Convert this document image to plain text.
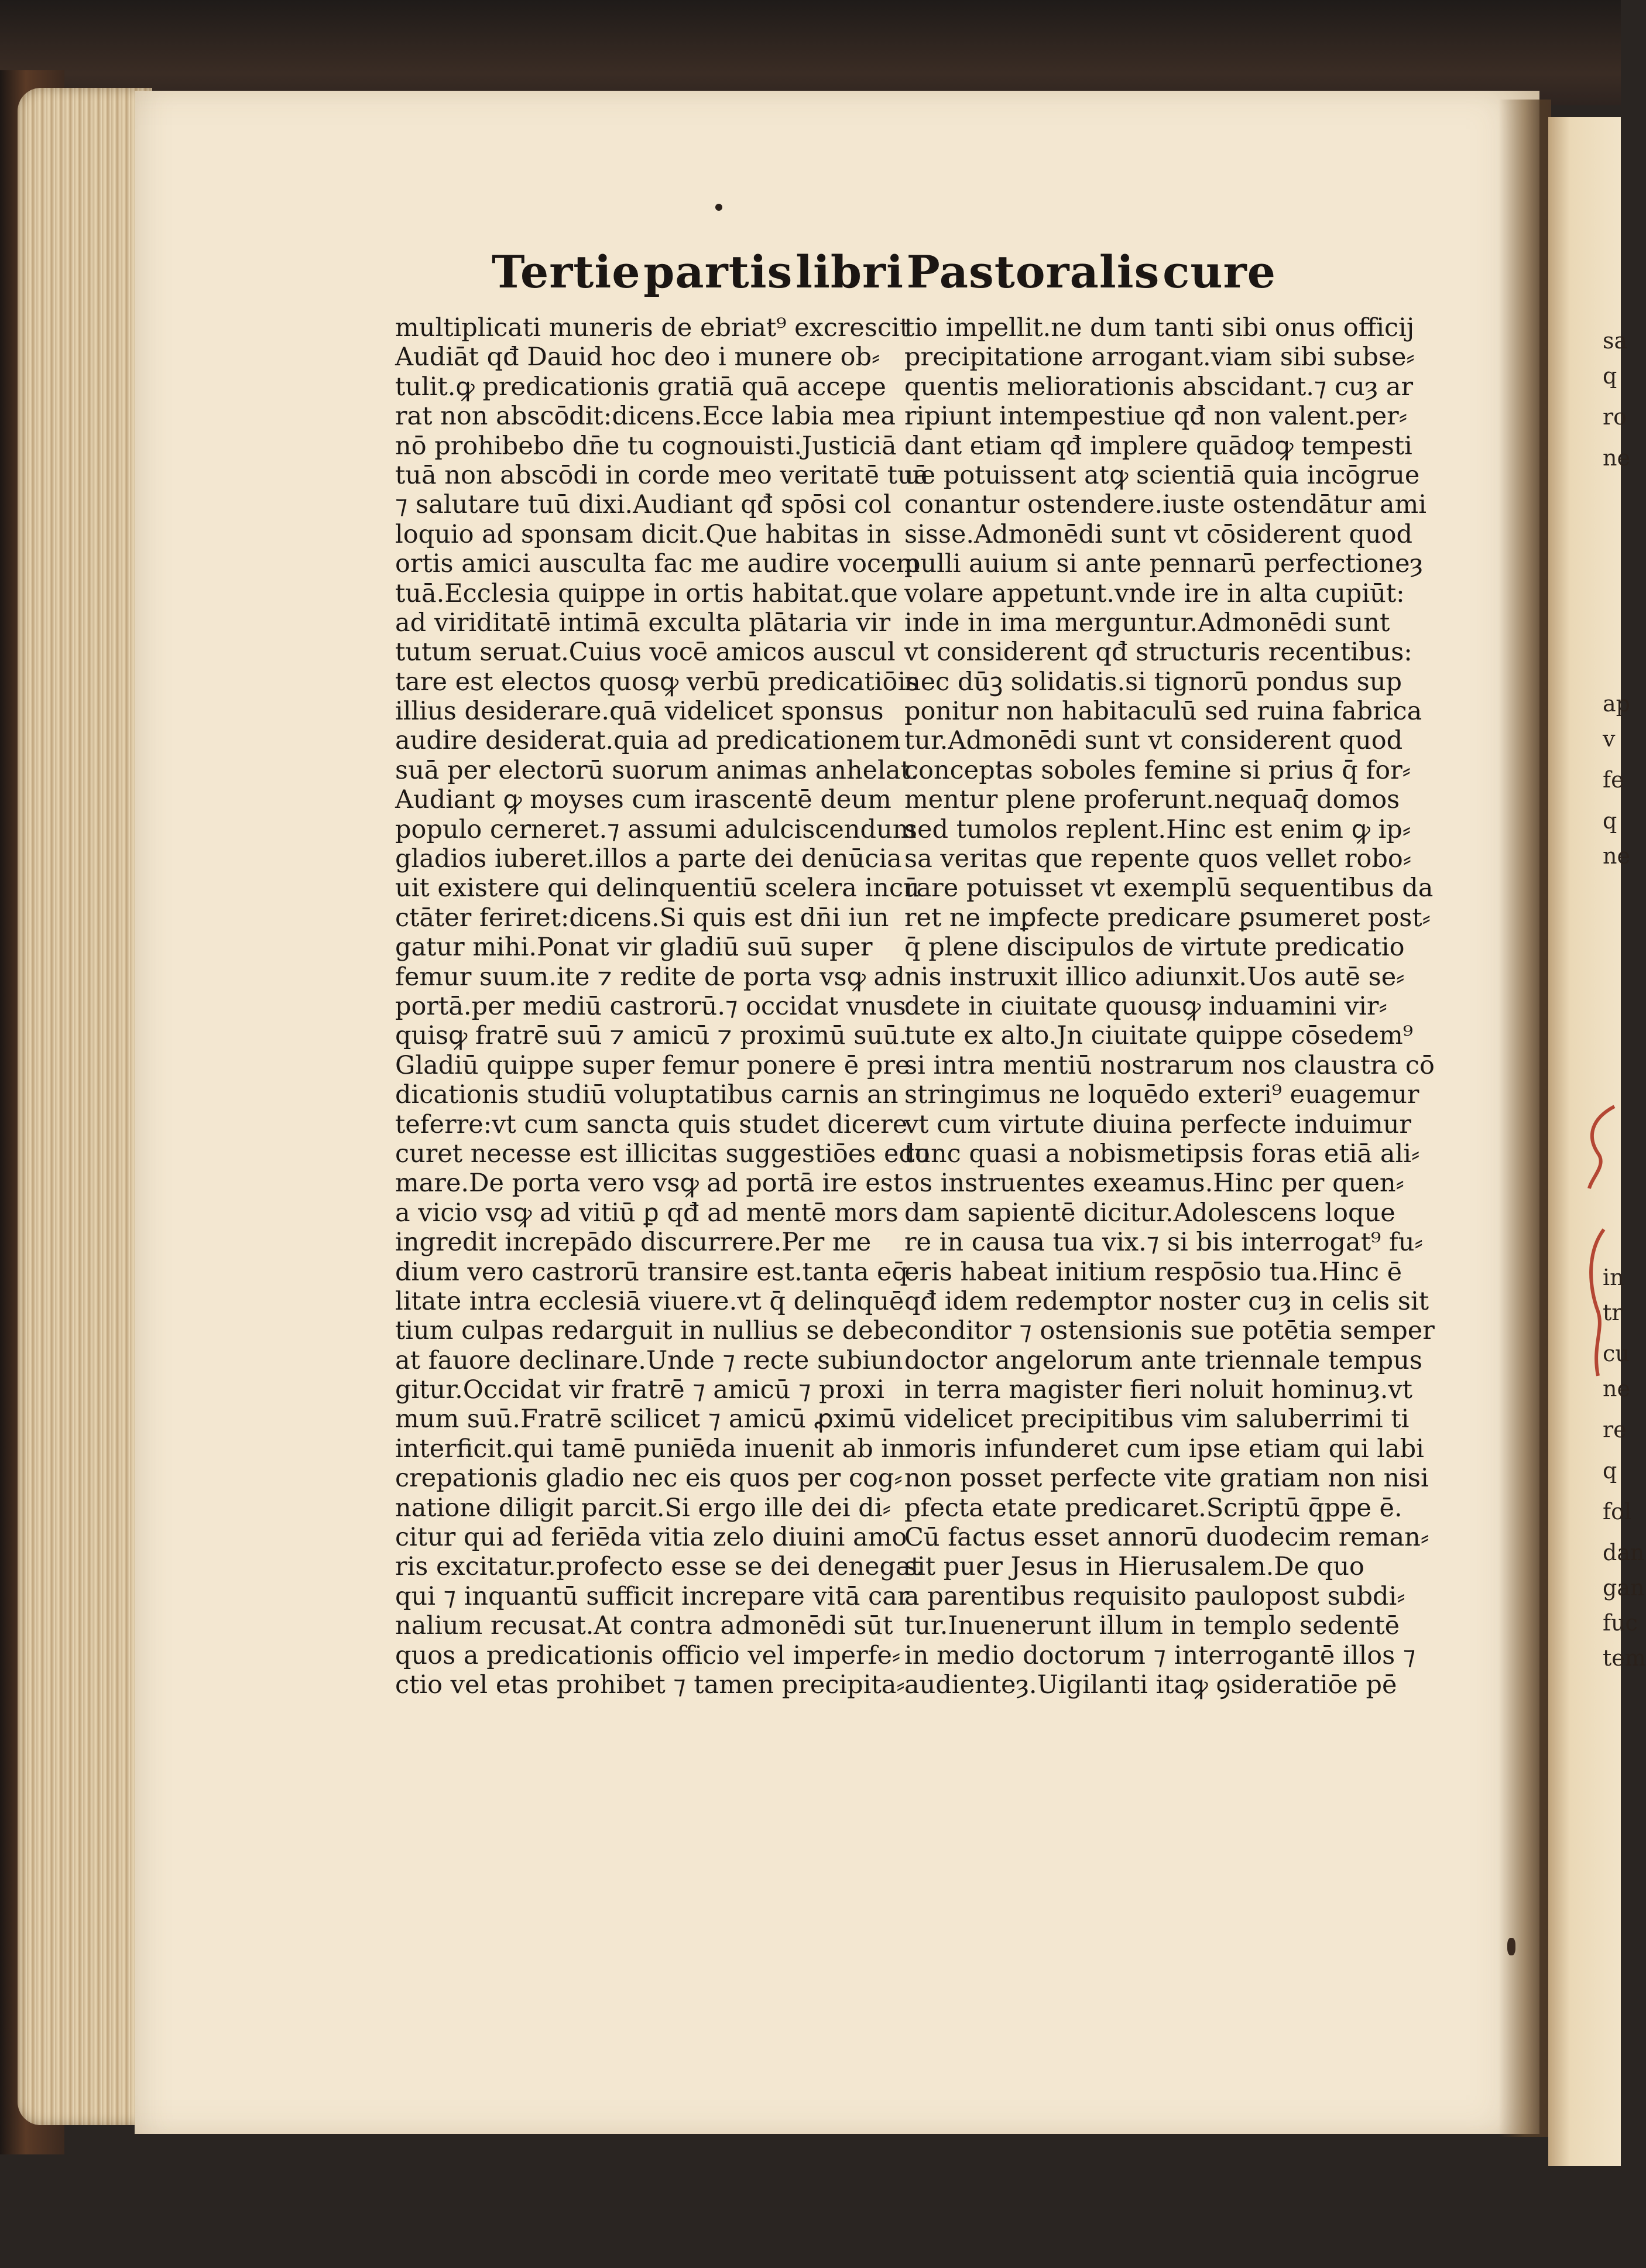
sa
q
ro
ne
ap
v
fe
q
ne
in
tr
cu
ne
re
q
fol
dan
gan
fuc
tem
Tertie partis libri Pastoralis cure
multiplicati muneris de ebriat⁹ excrescit
Audiāt qđ Dauid hoc deo i munere ob⸗
tulit.ꝙ predicationis gratiā quā accepe
rat non abscōdit:dicens.Ecce labia mea
nō prohibebo dn̄e tu cognouisti.Justiciā
tuā non abscōdi in corde meo veritatē tuā
⁊ salutare tuū dixi.Audiant qđ spōsi col
loquio ad sponsam dicit.Que habitas in
ortis amici ausculta fac me audire vocem
tuā.Ecclesia quippe in ortis habitat.que
ad viriditatē intimā exculta plātaria vir
tutum seruat.Cuius vocē amicos auscul
tare est electos quosꝙ verbū predicatiōis
illius desiderare.quā videlicet sponsus
audire desiderat.quia ad predicationem
suā per electorū suorum animas anhelat.
Audiant ꝙ moyses cum irascentē deum
populo cerneret.⁊ assumi adulciscendum
gladios iuberet.illos a parte dei denūcia
uit existere qui delinquentiū scelera incū
ctāter feriret:dicens.Si quis est dn̄i iun
gatur mihi.Ponat vir gladiū suū super
femur suum.ite ⁊ redite de porta vsꝙ ad
portā.per mediū castrorū.⁊ occidat vnus
quisꝙ fratrē suū ⁊ amicū ⁊ proximū suū.
Gladiū quippe super femur ponere ē pre
dicationis studiū voluptatibus carnis an
teferre:vt cum sancta quis studet dicere
curet necesse est illicitas suggestiōes edo
mare.De porta vero vsꝙ ad portā ire est
a vicio vsꝙ ad vitiū ꝑ qđ ad mentē mors
ingredit increpādo discurrere.Per me
dium vero castrorū transire est.tanta eq̄
litate intra ecclesiā viuere.vt q̄ delinquē
tium culpas redarguit in nullius se debe
at fauore declinare.Unde ⁊ recte subiun
gitur.Occidat vir fratrē ⁊ amicū ⁊ proxi
mum suū.Fratrē scilicet ⁊ amicū ꝓximū
interficit.qui tamē puniēda inuenit ab in
crepationis gladio nec eis quos per cog⸗
natione diligit parcit.Si ergo ille dei di⸗
citur qui ad feriēda vitia zelo diuini amo
ris excitatur.profecto esse se dei denegat
qui ⁊ inquantū sufficit increpare vitā car
nalium recusat.At contra admonēdi sūt
quos a predicationis officio vel imperfe⸗
ctio vel etas prohibet ⁊ tamen precipita⸗
tio impellit.ne dum tanti sibi onus officij
precipitatione arrogant.viam sibi subse⸗
quentis meliorationis abscidant.⁊ cuȝ ar
ripiunt intempestiue qđ non valent.per⸗
dant etiam qđ implere quādoꝙ tempesti
ue potuissent atꝙ scientiā quia incōgrue
conantur ostendere.iuste ostendātur ami
sisse.Admonēdi sunt vt cōsiderent quod
pulli auium si ante pennarū perfectioneȝ
volare appetunt.vnde ire in alta cupiūt:
inde in ima merguntur.Admonēdi sunt
vt considerent qđ structuris recentibus:
nec dūꝫ solidatis.si tignorū pondus sup
ponitur non habitaculū sed ruina fabrica
tur.Admonēdi sunt vt considerent quod
conceptas soboles femine si prius q̄ for⸗
mentur plene proferunt.nequaq̄ domos
sed tumolos replent.Hinc est enim ꝙ ip⸗
sa veritas que repente quos vellet robo⸗
rare potuisset vt exemplū sequentibus da
ret ne imꝑfecte predicare ꝑsumeret post⸗
q̄ plene discipulos de virtute predicatio
nis instruxit illico adiunxit.Uos autē se⸗
dete in ciuitate quousꝙ induamini vir⸗
tute ex alto.Jn ciuitate quippe cōsedem⁹
si intra mentiū nostrarum nos claustra cō
stringimus ne loquēdo exteri⁹ euagemur
vt cum virtute diuina perfecte induimur
tunc quasi a nobismetipsis foras etiā ali⸗
os instruentes exeamus.Hinc per quen⸗
dam sapientē dicitur.Adolescens loque
re in causa tua vix.⁊ si bis interrogat⁹ fu⸗
eris habeat initium respōsio tua.Hinc ē
qđ idem redemptor noster cuȝ in celis sit
conditor ⁊ ostensionis sue potētia semper
doctor angelorum ante triennale tempus
in terra magister fieri noluit hominuȝ.vt
videlicet precipitibus vim saluberrimi ti
moris infunderet cum ipse etiam qui labi
non posset perfecte vite gratiam non nisi
pfecta etate predicaret.Scriptū q̄ppe ē.
Cū factus esset annorū duodecim reman⸗
sit puer Jesus in Hierusalem.De quo
a parentibus requisito paulopost subdi⸗
tur.Inuenerunt illum in templo sedentē
in medio doctorum ⁊ interrogantē illos ⁊
audienteȝ.Uigilanti itaꝙ ꝯsideratiōe pē
